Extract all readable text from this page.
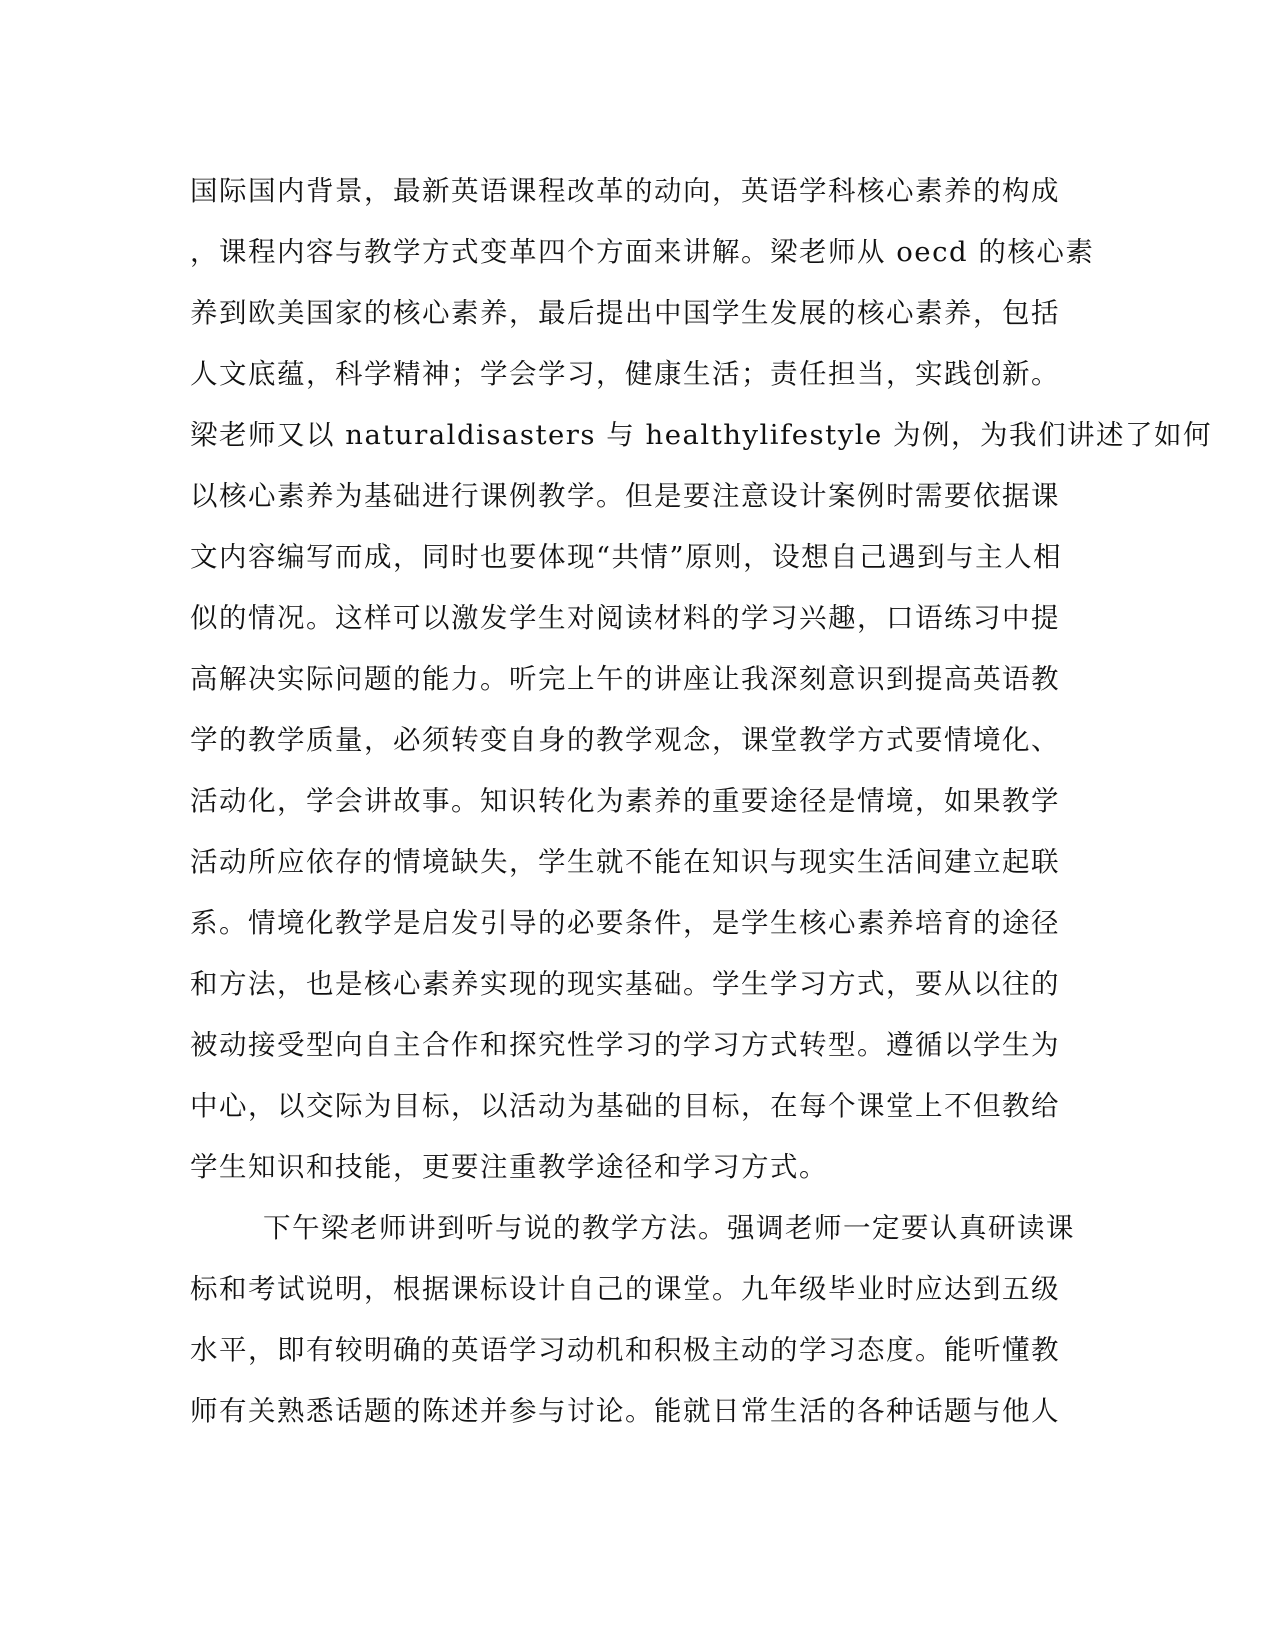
国际国内背景，最新英语课程改革的动向，英语学科核心素养的构成
，课程内容与教学方式变革四个方面来讲解。梁老师从 oecd 的核心素
养到欧美国家的核心素养，最后提出中国学生发展的核心素养，包括
人文底蕴，科学精神；学会学习，健康生活；责任担当，实践创新。
梁老师又以 naturaldisasters 与 healthylifestyle 为例，为我们讲述了如何
以核心素养为基础进行课例教学。但是要注意设计案例时需要依据课
文内容编写而成，同时也要体现“共情”原则，设想自己遇到与主人相
似的情况。这样可以激发学生对阅读材料的学习兴趣，口语练习中提
高解决实际问题的能力。听完上午的讲座让我深刻意识到提高英语教
学的教学质量，必须转变自身的教学观念，课堂教学方式要情境化、
活动化，学会讲故事。知识转化为素养的重要途径是情境，如果教学
活动所应依存的情境缺失，学生就不能在知识与现实生活间建立起联
系。情境化教学是启发引导的必要条件，是学生核心素养培育的途径
和方法，也是核心素养实现的现实基础。学生学习方式，要从以往的
被动接受型向自主合作和探究性学习的学习方式转型。遵循以学生为
中心，以交际为目标，以活动为基础的目标，在每个课堂上不但教给
学生知识和技能，更要注重教学途径和学习方式。
下午梁老师讲到听与说的教学方法。强调老师一定要认真研读课
标和考试说明，根据课标设计自己的课堂。九年级毕业时应达到五级
水平，即有较明确的英语学习动机和积极主动的学习态度。能听懂教
师有关熟悉话题的陈述并参与讨论。能就日常生活的各种话题与他人
